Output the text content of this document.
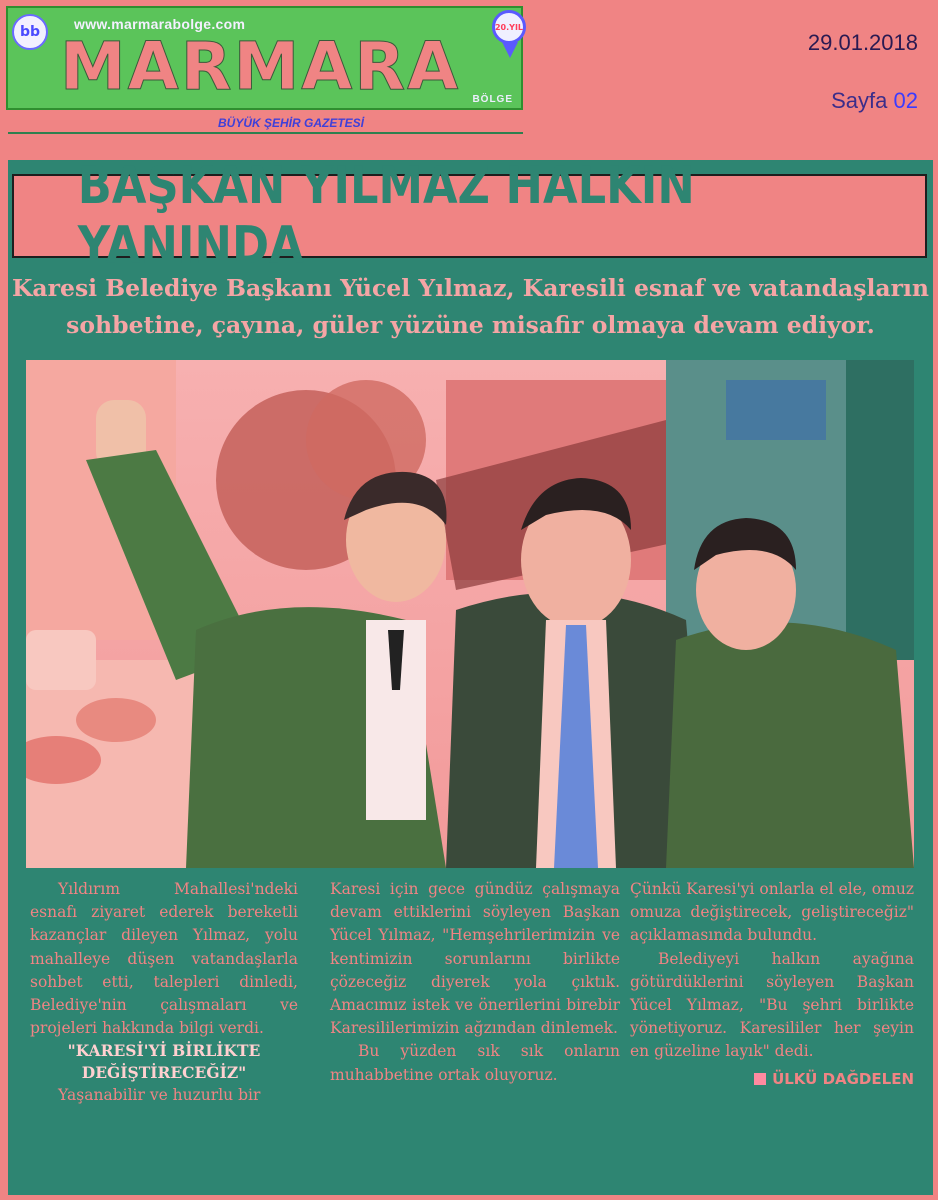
bb	www.marmarabolge.com
MARMARA BÖLGE
20.YIL
BÜYÜK ŞEHİR GAZETESİ
29.01.2018
Sayfa 02
BAŞKAN YILMAZ HALKIN YANINDA
Karesi Belediye Başkanı Yücel Yılmaz, Karesili esnaf ve vatandaşların
sohbetine, çayına, güler yüzüne misafir olmaya devam ediyor.

Yıldırım Mahallesi'ndeki esnafı ziyaret ederek bereketli kazançlar dileyen Yılmaz, yolu mahalleye düşen vatandaşlarla sohbet etti, talepleri dinledi, Belediye'nin çalışmaları ve projeleri hakkında bilgi verdi.

"KARESİ'Yİ BİRLİKTE
DEĞİŞTİRECEĞİZ"

Yaşanabilir ve huzurlu bir

Karesi için gece gündüz çalışmaya devam ettiklerini söyleyen Başkan Yücel Yılmaz, "Hemşehrilerimizin ve kentimizin sorunlarını birlikte çözeceğiz diyerek yola çıktık. Amacımız istek ve önerilerini birebir Karesililerimizin ağzından dinlemek.

Bu yüzden sık sık onların muhabbetine ortak oluyoruz.

Çünkü Karesi'yi onlarla el ele, omuz omuza değiştirecek, geliştireceğiz" açıklamasında bulundu.

Belediyeyi halkın ayağına götürdüklerini söyleyen Başkan Yücel Yılmaz, "Bu şehri birlikte yönetiyoruz. Karesililer her şeyin en güzeline layık" dedi.

ÜLKÜ DAĞDELEN
